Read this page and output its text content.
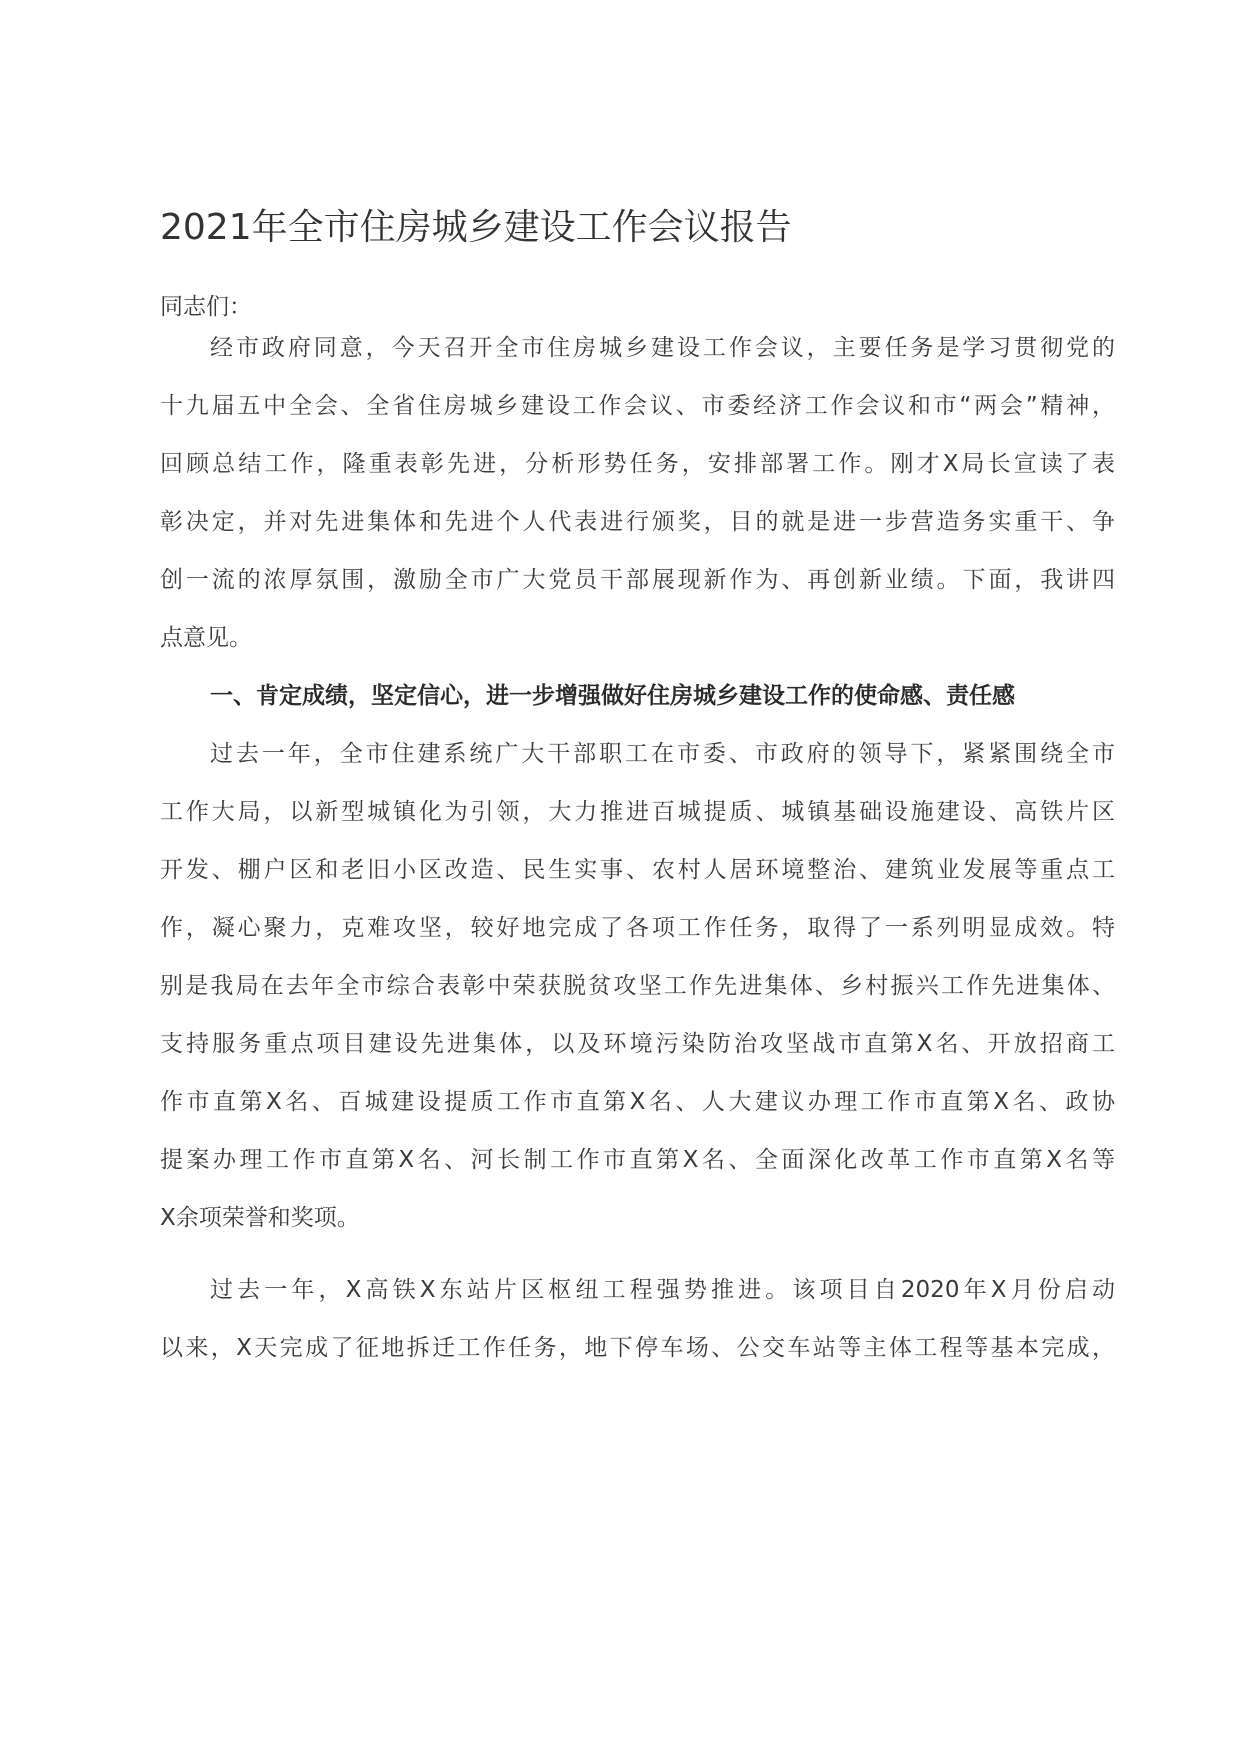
2021年全市住房城乡建设工作会议报告

同志们：

经市政府同意，今天召开全市住房城乡建设工作会议，主要任务是学习贯彻党的

十九届五中全会、全省住房城乡建设工作会议、市委经济工作会议和市“两会”精神，

回顾总结工作，隆重表彰先进，分析形势任务，安排部署工作。刚才X局长宣读了表

彰决定，并对先进集体和先进个人代表进行颁奖，目的就是进一步营造务实重干、争

创一流的浓厚氛围，激励全市广大党员干部展现新作为、再创新业绩。下面，我讲四

点意见。

一、肯定成绩，坚定信心，进一步增强做好住房城乡建设工作的使命感、责任感

过去一年，全市住建系统广大干部职工在市委、市政府的领导下，紧紧围绕全市

工作大局，以新型城镇化为引领，大力推进百城提质、城镇基础设施建设、高铁片区

开发、棚户区和老旧小区改造、民生实事、农村人居环境整治、建筑业发展等重点工

作，凝心聚力，克难攻坚，较好地完成了各项工作任务，取得了一系列明显成效。特

别是我局在去年全市综合表彰中荣获脱贫攻坚工作先进集体、乡村振兴工作先进集体、

支持服务重点项目建设先进集体，以及环境污染防治攻坚战市直第X名、开放招商工

作市直第X名、百城建设提质工作市直第X名、人大建议办理工作市直第X名、政协

提案办理工作市直第X名、河长制工作市直第X名、全面深化改革工作市直第X名等

X余项荣誉和奖项。

过去一年，X高铁X东站片区枢纽工程强势推进。该项目自2020年X月份启动

以来，X天完成了征地拆迁工作任务，地下停车场、公交车站等主体工程等基本完成，
